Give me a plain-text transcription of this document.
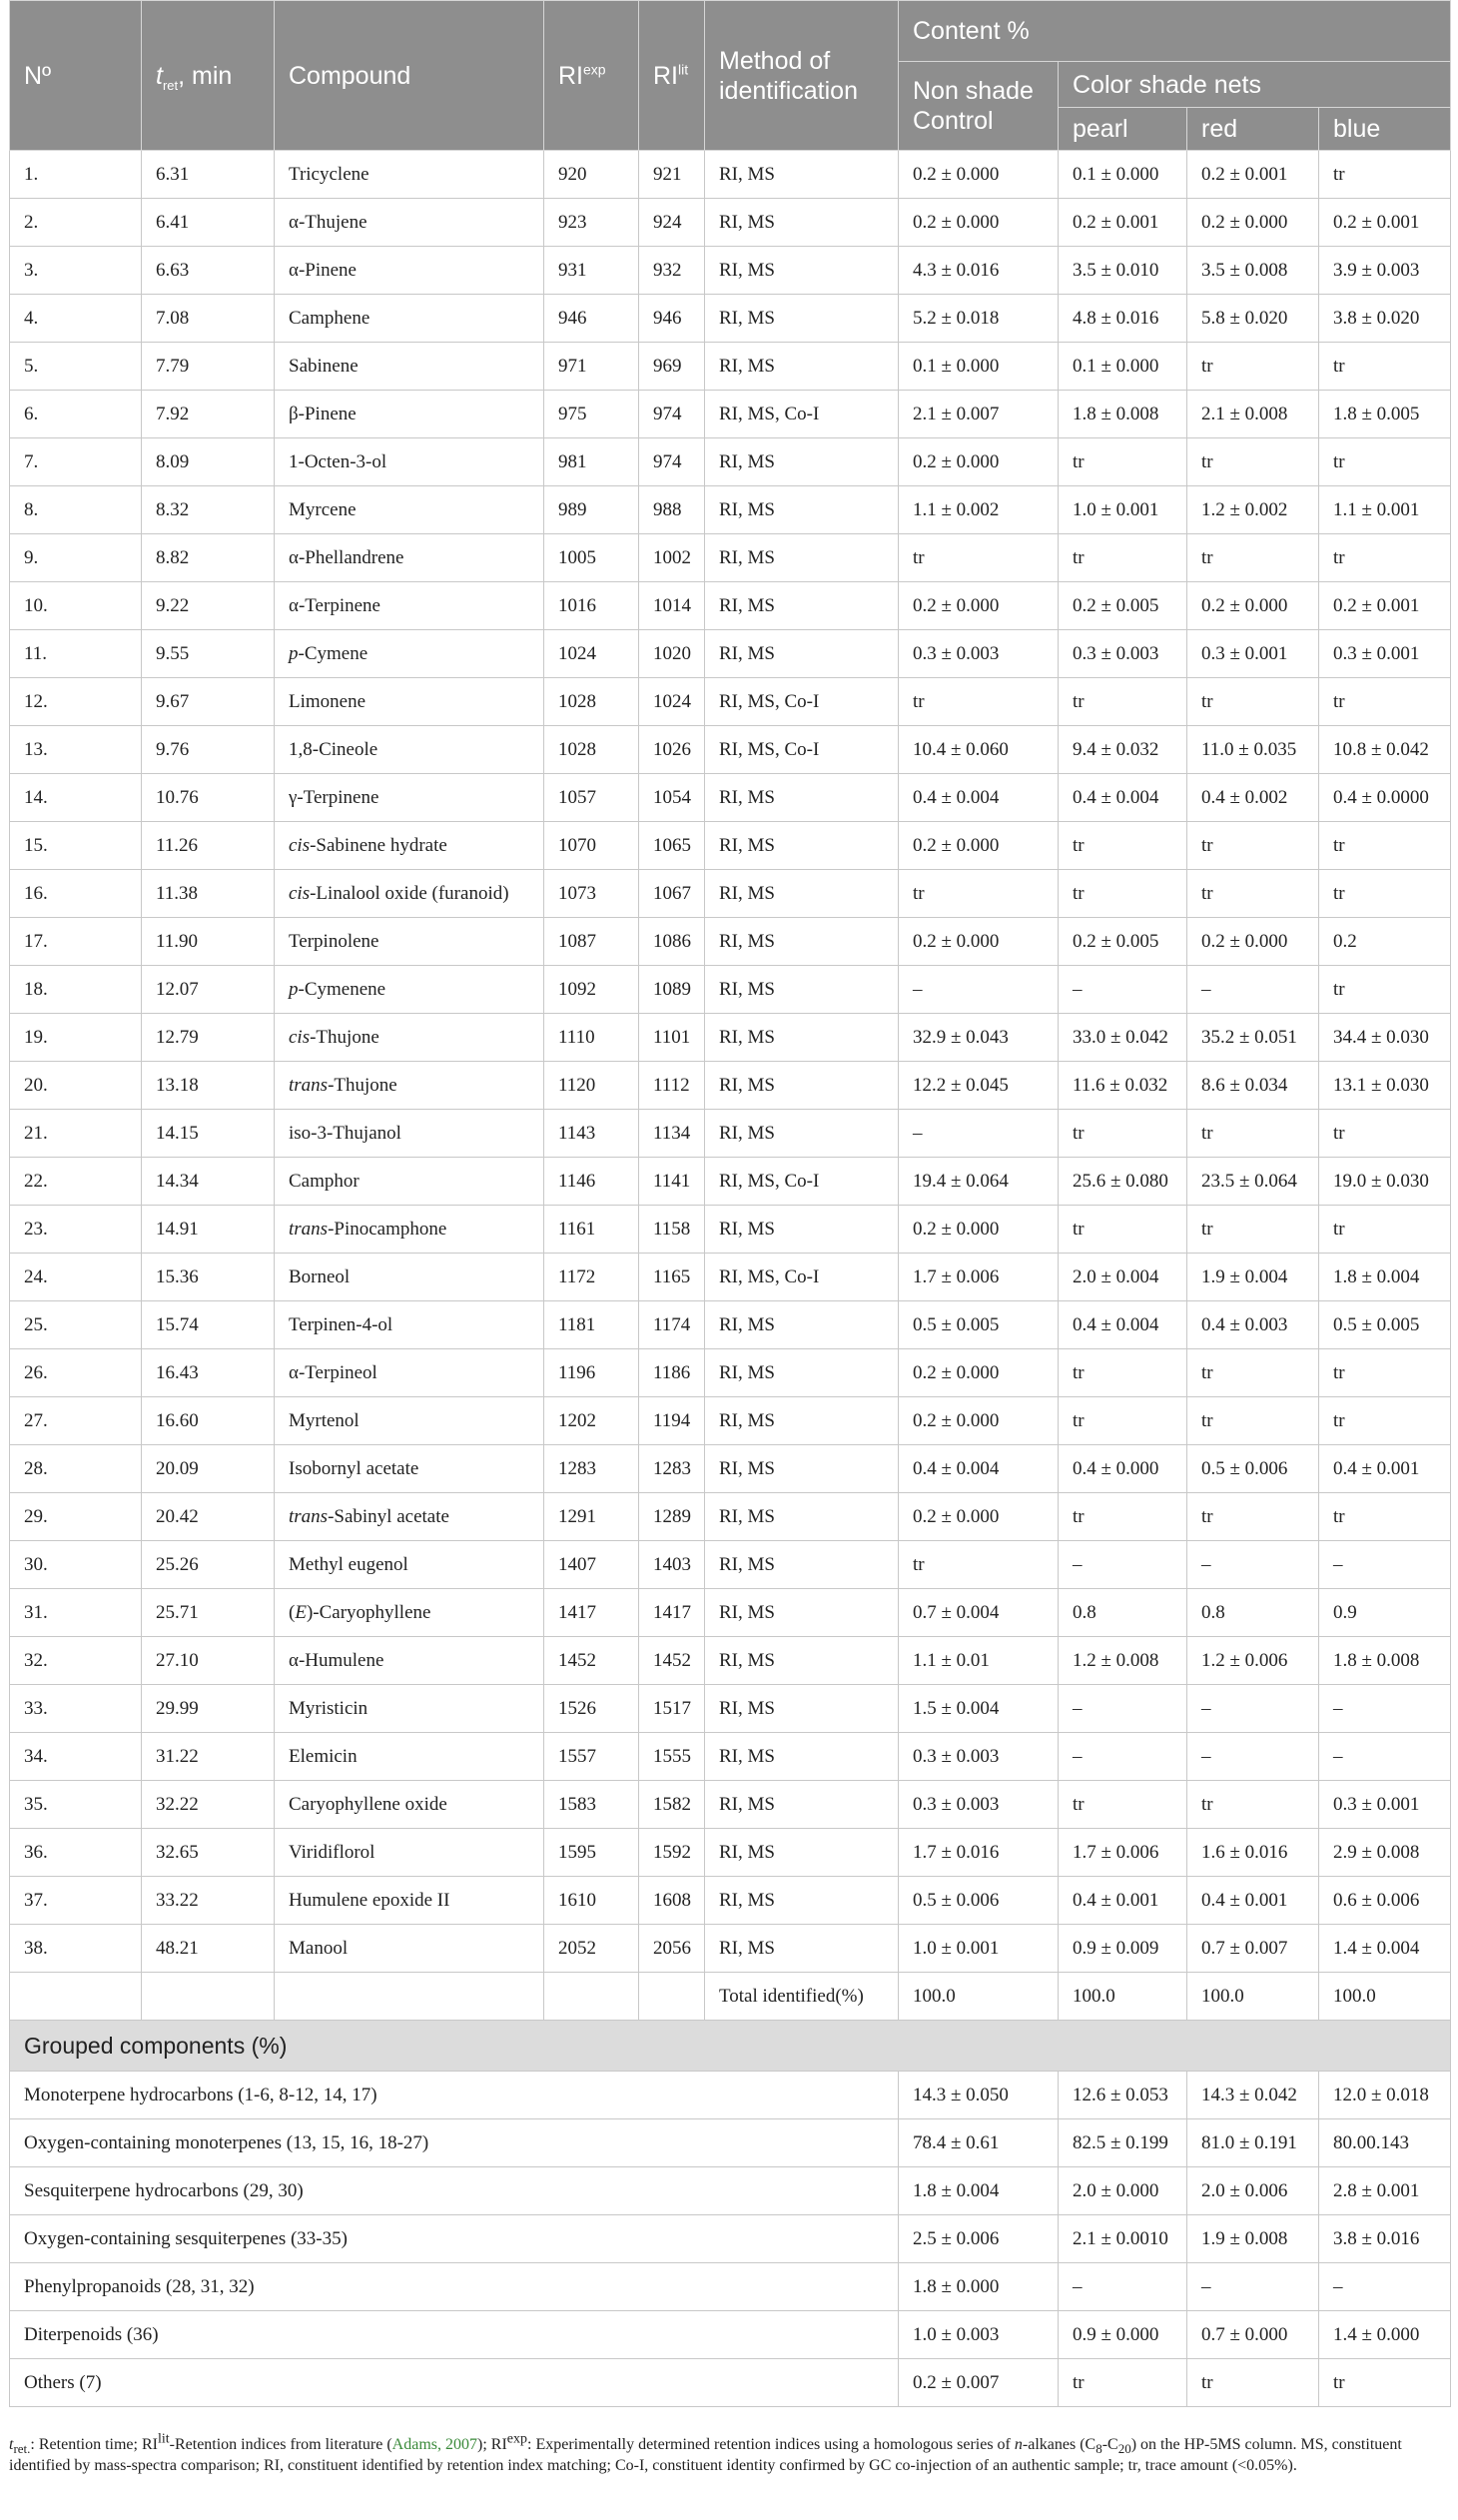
Nº	$t_{ret}$, min	Compound	$RI^{exp}$	$RI^{lit}$	Method of identification	Content %			
						Non shade Control	Color shade nets		
							pearl	red	blue
1.	6.31	Tricyclene	920	921	RI, MS	0.2 ± 0.000	0.1 ± 0.000	0.2 ± 0.001	tr
2.	6.41	α-Thujene	923	924	RI, MS	0.2 ± 0.000	0.2 ± 0.001	0.2 ± 0.000	0.2 ± 0.001
3.	6.63	α-Pinene	931	932	RI, MS	4.3 ± 0.016	3.5 ± 0.010	3.5 ± 0.008	3.9 ± 0.003
4.	7.08	Camphene	946	946	RI, MS	5.2 ± 0.018	4.8 ± 0.016	5.8 ± 0.020	3.8 ± 0.020
5.	7.79	Sabinene	971	969	RI, MS	0.1 ± 0.000	0.1 ± 0.000	tr	tr
6.	7.92	β-Pinene	975	974	RI, MS, Co-I	2.1 ± 0.007	1.8 ± 0.008	2.1 ± 0.008	1.8 ± 0.005
7.	8.09	1-Octen-3-ol	981	974	RI, MS	0.2 ± 0.000	tr	tr	tr
8.	8.32	Myrcene	989	988	RI, MS	1.1 ± 0.002	1.0 ± 0.001	1.2 ± 0.002	1.1 ± 0.001
9.	8.82	α-Phellandrene	1005	1002	RI, MS	tr	tr	tr	tr
10.	9.22	α-Terpinene	1016	1014	RI, MS	0.2 ± 0.000	0.2 ± 0.005	0.2 ± 0.000	0.2 ± 0.001
11.	9.55	p-Cymene	1024	1020	RI, MS	0.3 ± 0.003	0.3 ± 0.003	0.3 ± 0.001	0.3 ± 0.001
12.	9.67	Limonene	1028	1024	RI, MS, Co-I	tr	tr	tr	tr
13.	9.76	1,8-Cineole	1028	1026	RI, MS, Co-I	10.4 ± 0.060	9.4 ± 0.032	11.0 ± 0.035	10.8 ± 0.042
14.	10.76	γ-Terpinene	1057	1054	RI, MS	0.4 ± 0.004	0.4 ± 0.004	0.4 ± 0.002	0.4 ± 0.0000
15.	11.26	cis-Sabinene hydrate	1070	1065	RI, MS	0.2 ± 0.000	tr	tr	tr
16.	11.38	cis-Linalool oxide (furanoid)	1073	1067	RI, MS	tr	tr	tr	tr
17.	11.90	Terpinolene	1087	1086	RI, MS	0.2 ± 0.000	0.2 ± 0.005	0.2 ± 0.000	0.2
18.	12.07	p-Cymenene	1092	1089	RI, MS	–	–	–	tr
19.	12.79	cis-Thujone	1110	1101	RI, MS	32.9 ± 0.043	33.0 ± 0.042	35.2 ± 0.051	34.4 ± 0.030
20.	13.18	trans-Thujone	1120	1112	RI, MS	12.2 ± 0.045	11.6 ± 0.032	8.6 ± 0.034	13.1 ± 0.030
21.	14.15	iso-3-Thujanol	1143	1134	RI, MS	–	tr	tr	tr
22.	14.34	Camphor	1146	1141	RI, MS, Co-I	19.4 ± 0.064	25.6 ± 0.080	23.5 ± 0.064	19.0 ± 0.030
23.	14.91	trans-Pinocamphone	1161	1158	RI, MS	0.2 ± 0.000	tr	tr	tr
24.	15.36	Borneol	1172	1165	RI, MS, Co-I	1.7 ± 0.006	2.0 ± 0.004	1.9 ± 0.004	1.8 ± 0.004
25.	15.74	Terpinen-4-ol	1181	1174	RI, MS	0.5 ± 0.005	0.4 ± 0.004	0.4 ± 0.003	0.5 ± 0.005
26.	16.43	α-Terpineol	1196	1186	RI, MS	0.2 ± 0.000	tr	tr	tr
27.	16.60	Myrtenol	1202	1194	RI, MS	0.2 ± 0.000	tr	tr	tr
28.	20.09	Isobornyl acetate	1283	1283	RI, MS	0.4 ± 0.004	0.4 ± 0.000	0.5 ± 0.006	0.4 ± 0.001
29.	20.42	trans-Sabinyl acetate	1291	1289	RI, MS	0.2 ± 0.000	tr	tr	tr
30.	25.26	Methyl eugenol	1407	1403	RI, MS	tr	–	–	–
31.	25.71	(E)-Caryophyllene	1417	1417	RI, MS	0.7 ± 0.004	0.8	0.8	0.9
32.	27.10	α-Humulene	1452	1452	RI, MS	1.1 ± 0.01	1.2 ± 0.008	1.2 ± 0.006	1.8 ± 0.008
33.	29.99	Myristicin	1526	1517	RI, MS	1.5 ± 0.004	–	–	–
34.	31.22	Elemicin	1557	1555	RI, MS	0.3 ± 0.003	–	–	–
35.	32.22	Caryophyllene oxide	1583	1582	RI, MS	0.3 ± 0.003	tr	tr	0.3 ± 0.001
36.	32.65	Viridiflorol	1595	1592	RI, MS	1.7 ± 0.016	1.7 ± 0.006	1.6 ± 0.016	2.9 ± 0.008
37.	33.22	Humulene epoxide II	1610	1608	RI, MS	0.5 ± 0.006	0.4 ± 0.001	0.4 ± 0.001	0.6 ± 0.006
38.	48.21	Manool	2052	2056	RI, MS	1.0 ± 0.001	0.9 ± 0.009	0.7 ± 0.007	1.4 ± 0.004
					Total identified(%)	100.0	100.0	100.0	100.0
Grouped components (%)									
Monoterpene hydrocarbons (1-6, 8-12, 14, 17)						14.3 ± 0.050	12.6 ± 0.053	14.3 ± 0.042	12.0 ± 0.018
Oxygen-containing monoterpenes (13, 15, 16, 18-27)						78.4 ± 0.61	82.5 ± 0.199	81.0 ± 0.191	80.00.143
Sesquiterpene hydrocarbons (29, 30)						1.8 ± 0.004	2.0 ± 0.000	2.0 ± 0.006	2.8 ± 0.001
Oxygen-containing sesquiterpenes (33-35)						2.5 ± 0.006	2.1 ± 0.0010	1.9 ± 0.008	3.8 ± 0.016
Phenylpropanoids (28, 31, 32)						1.8 ± 0.000	–	–	–
Diterpenoids (36)						1.0 ± 0.003	0.9 ± 0.000	0.7 ± 0.000	1.4 ± 0.000
Others (7)						0.2 ± 0.007	tr	tr	tr
$t_{ret.}$: Retention time; $RI^{lit}$-Retention indices from literature (Adams, 2007); $RI^{exp}$: Experimentally determined retention indices using a homologous series of n-alkanes $(C_8-C_{20})$ on the HP-5MS column. MS, constituent identified by mass-spectra comparison; RI, constituent identified by retention index matching; Co-I, constituent identity confirmed by GC co-injection of an authentic sample; tr, trace amount (<0.05%).
